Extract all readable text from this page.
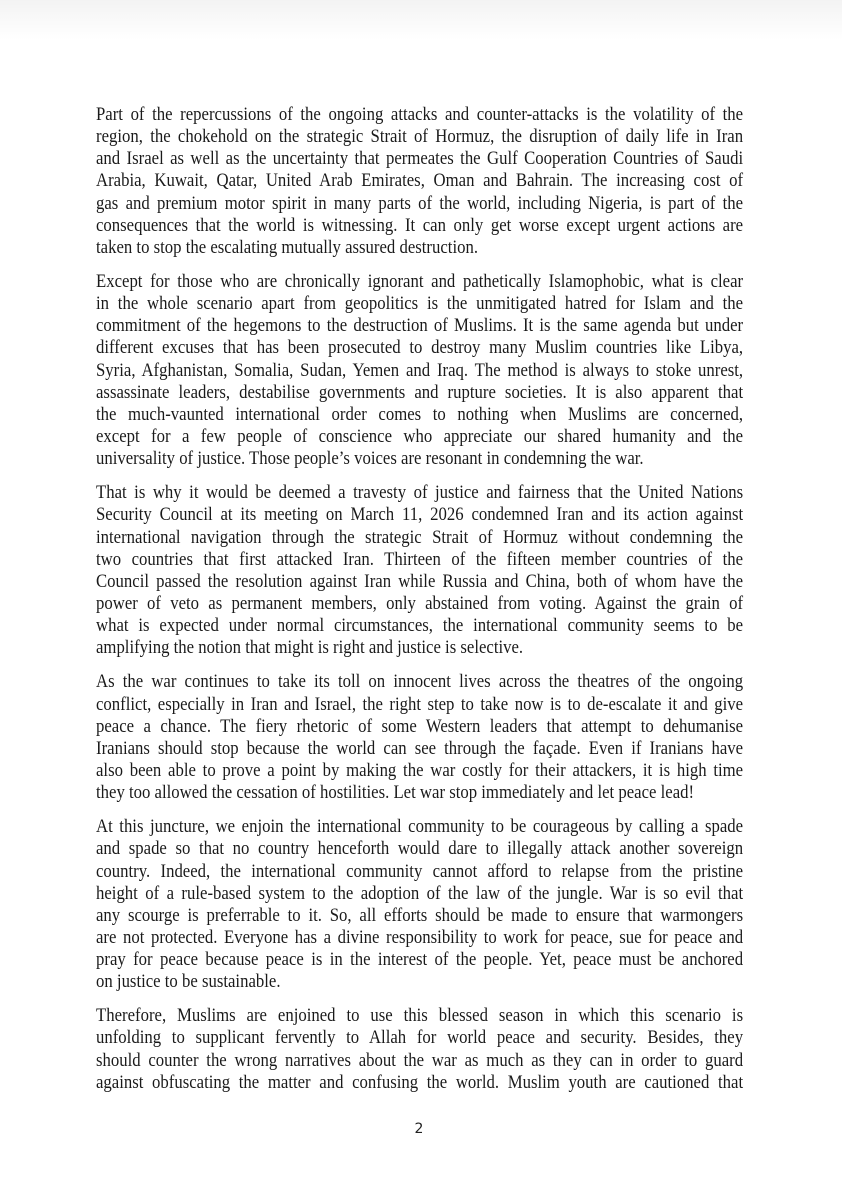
Part of the repercussions of the ongoing attacks and counter-attacks is the volatility of the
region, the chokehold on the strategic Strait of Hormuz, the disruption of daily life in Iran
and Israel as well as the uncertainty that permeates the Gulf Cooperation Countries of Saudi
Arabia, Kuwait, Qatar, United Arab Emirates, Oman and Bahrain. The increasing cost of
gas and premium motor spirit in many parts of the world, including Nigeria, is part of the
consequences that the world is witnessing. It can only get worse except urgent actions are
taken to stop the escalating mutually assured destruction.
Except for those who are chronically ignorant and pathetically Islamophobic, what is clear
in the whole scenario apart from geopolitics is the unmitigated hatred for Islam and the
commitment of the hegemons to the destruction of Muslims. It is the same agenda but under
different excuses that has been prosecuted to destroy many Muslim countries like Libya,
Syria, Afghanistan, Somalia, Sudan, Yemen and Iraq. The method is always to stoke unrest,
assassinate leaders, destabilise governments and rupture societies. It is also apparent that
the much-vaunted international order comes to nothing when Muslims are concerned,
except for a few people of conscience who appreciate our shared humanity and the
universality of justice. Those people’s voices are resonant in condemning the war.
That is why it would be deemed a travesty of justice and fairness that the United Nations
Security Council at its meeting on March 11, 2026 condemned Iran and its action against
international navigation through the strategic Strait of Hormuz without condemning the
two countries that first attacked Iran. Thirteen of the fifteen member countries of the
Council passed the resolution against Iran while Russia and China, both of whom have the
power of veto as permanent members, only abstained from voting. Against the grain of
what is expected under normal circumstances, the international community seems to be
amplifying the notion that might is right and justice is selective.
As the war continues to take its toll on innocent lives across the theatres of the ongoing
conflict, especially in Iran and Israel, the right step to take now is to de-escalate it and give
peace a chance. The fiery rhetoric of some Western leaders that attempt to dehumanise
Iranians should stop because the world can see through the façade. Even if Iranians have
also been able to prove a point by making the war costly for their attackers, it is high time
they too allowed the cessation of hostilities. Let war stop immediately and let peace lead!
At this juncture, we enjoin the international community to be courageous by calling a spade
and spade so that no country henceforth would dare to illegally attack another sovereign
country. Indeed, the international community cannot afford to relapse from the pristine
height of a rule-based system to the adoption of the law of the jungle. War is so evil that
any scourge is preferrable to it. So, all efforts should be made to ensure that warmongers
are not protected. Everyone has a divine responsibility to work for peace, sue for peace and
pray for peace because peace is in the interest of the people. Yet, peace must be anchored
on justice to be sustainable.
Therefore, Muslims are enjoined to use this blessed season in which this scenario is
unfolding to supplicant fervently to Allah for world peace and security. Besides, they
should counter the wrong narratives about the war as much as they can in order to guard
against obfuscating the matter and confusing the world. Muslim youth are cautioned that
2
